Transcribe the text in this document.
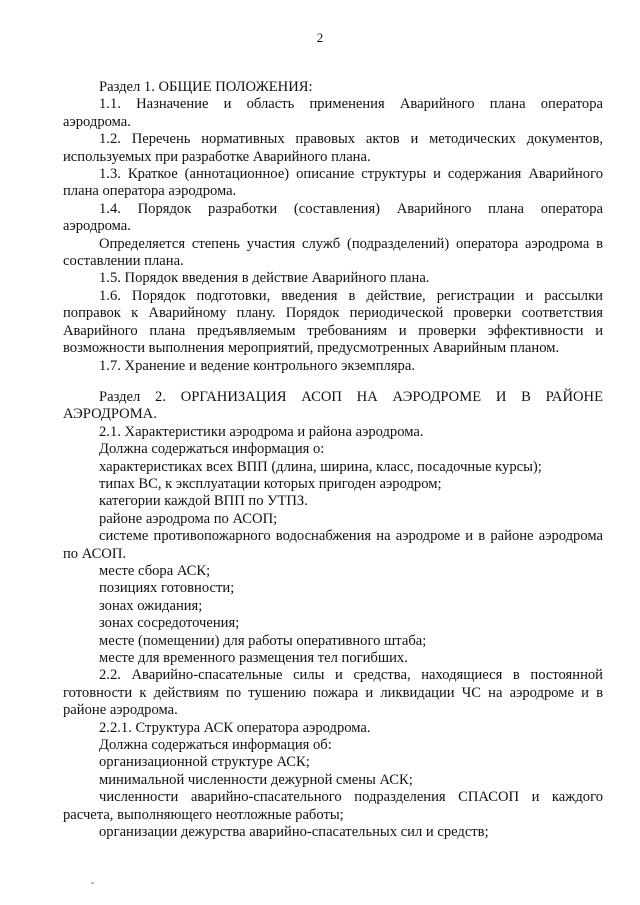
2

Раздел 1. ОБЩИЕ ПОЛОЖЕНИЯ:

1.1. Назначение и область применения Аварийного плана оператора

аэродрома.

1.2. Перечень нормативных правовых актов и методических документов,

используемых при разработке Аварийного плана.

1.3. Краткое (аннотационное) описание структуры и содержания Аварийного

плана оператора аэродрома.

1.4. Порядок разработки (составления) Аварийного плана оператора

аэродрома.

Определяется степень участия служб (подразделений) оператора аэродрома в

составлении плана.

1.5. Порядок введения в действие Аварийного плана.

1.6. Порядок подготовки, введения в действие, регистрации и рассылки

поправок к Аварийному плану. Порядок периодической проверки соответствия

Аварийного плана предъявляемым требованиям и проверки эффективности и

возможности выполнения мероприятий, предусмотренных Аварийным планом.

1.7. Хранение и ведение контрольного экземпляра.

Раздел 2. ОРГАНИЗАЦИЯ АСОП НА АЭРОДРОМЕ И В РАЙОНЕ

АЭРОДРОМА.

2.1. Характеристики аэродрома и района аэродрома.

Должна содержаться информация о:

характеристиках всех ВПП (длина, ширина, класс, посадочные курсы);

типах ВС, к эксплуатации которых пригоден аэродром;

категории каждой ВПП по УТПЗ.

районе аэродрома по АСОП;

системе противопожарного водоснабжения на аэродроме и в районе аэродрома

по АСОП.

месте сбора АСК;

позициях готовности;

зонах ожидания;

зонах сосредоточения;

месте (помещении) для работы оперативного штаба;

месте для временного размещения тел погибших.

2.2. Аварийно-спасательные силы и средства, находящиеся в постоянной

готовности к действиям по тушению пожара и ликвидации ЧС на аэродроме и в

районе аэродрома.

2.2.1. Структура АСК оператора аэродрома.

Должна содержаться информация об:

организационной структуре АСК;

минимальной численности дежурной смены АСК;

численности аварийно-спасательного подразделения СПАСОП и каждого

расчета, выполняющего неотложные работы;

организации дежурства аварийно-спасательных сил и средств;
